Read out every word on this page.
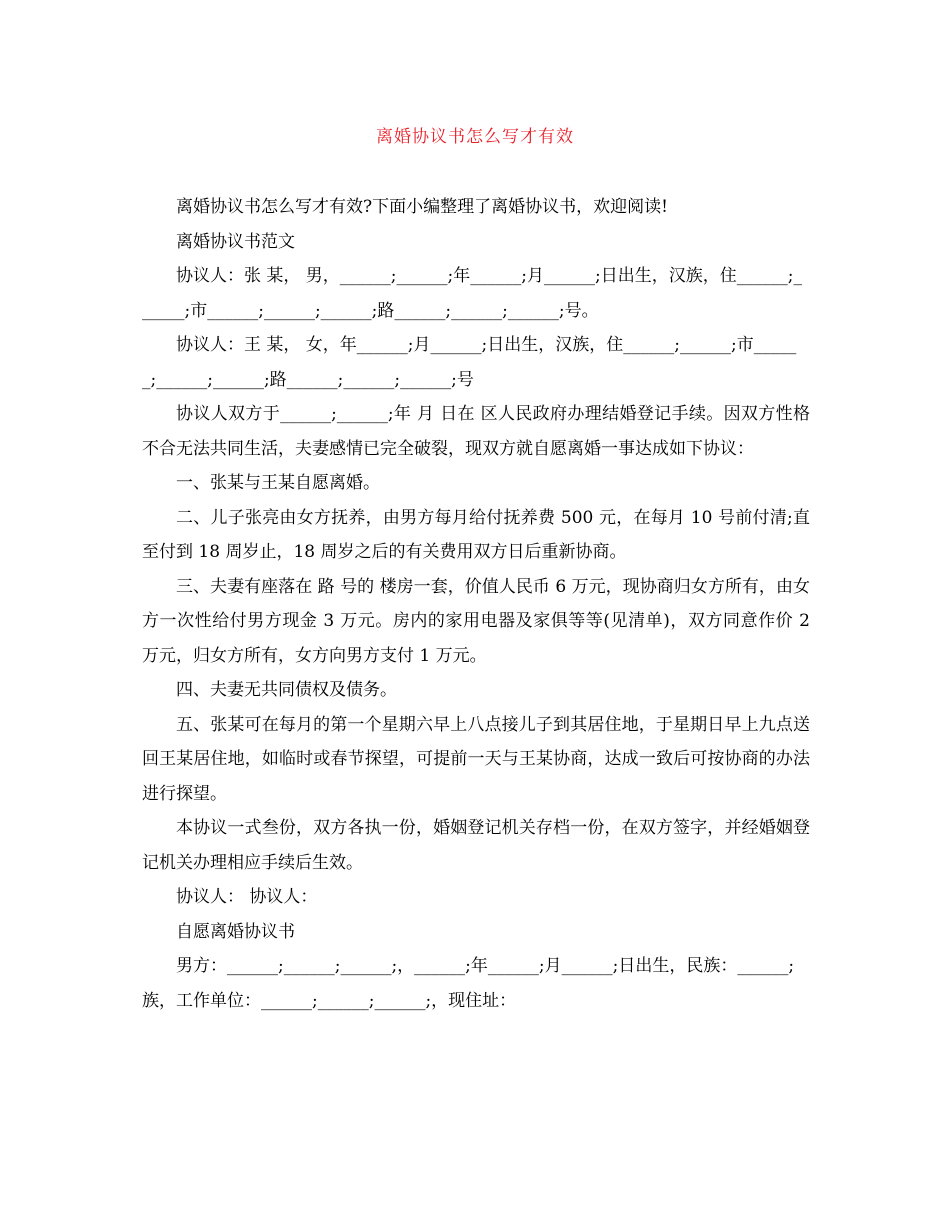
离婚协议书怎么写才有效

离婚协议书怎么写才有效?下面小编整理了离婚协议书，欢迎阅读!

离婚协议书范文

协议人：张 某， 男，______;______;年______;月______;日出生，汉族，住______;______;市______;______;______;路______;______;______;号。

协议人：王 某， 女，年______;月______;日出生，汉族，住______;______;市______;______;______;路______;______;______;号

协议人双方于______;______;年 月 日在 区人民政府办理结婚登记手续。因双方性格不合无法共同生活，夫妻感情已完全破裂，现双方就自愿离婚一事达成如下协议：

一、张某与王某自愿离婚。

二、儿子张亮由女方抚养，由男方每月给付抚养费 500 元，在每月 10 号前付清;直至付到 18 周岁止，18 周岁之后的有关费用双方日后重新协商。

三、夫妻有座落在 路 号的 楼房一套，价值人民币 6 万元，现协商归女方所有，由女方一次性给付男方现金 3 万元。房内的家用电器及家俱等等(见清单)，双方同意作价 2 万元，归女方所有，女方向男方支付 1 万元。

四、夫妻无共同债权及债务。

五、张某可在每月的第一个星期六早上八点接儿子到其居住地，于星期日早上九点送回王某居住地，如临时或春节探望，可提前一天与王某协商，达成一致后可按协商的办法进行探望。

本协议一式叁份，双方各执一份，婚姻登记机关存档一份，在双方签字，并经婚姻登记机关办理相应手续后生效。

协议人： 协议人：

自愿离婚协议书

男方：______;______;______;，______;年______;月______;日出生，民族：______;族，工作单位：______;______;______;，现住址：
